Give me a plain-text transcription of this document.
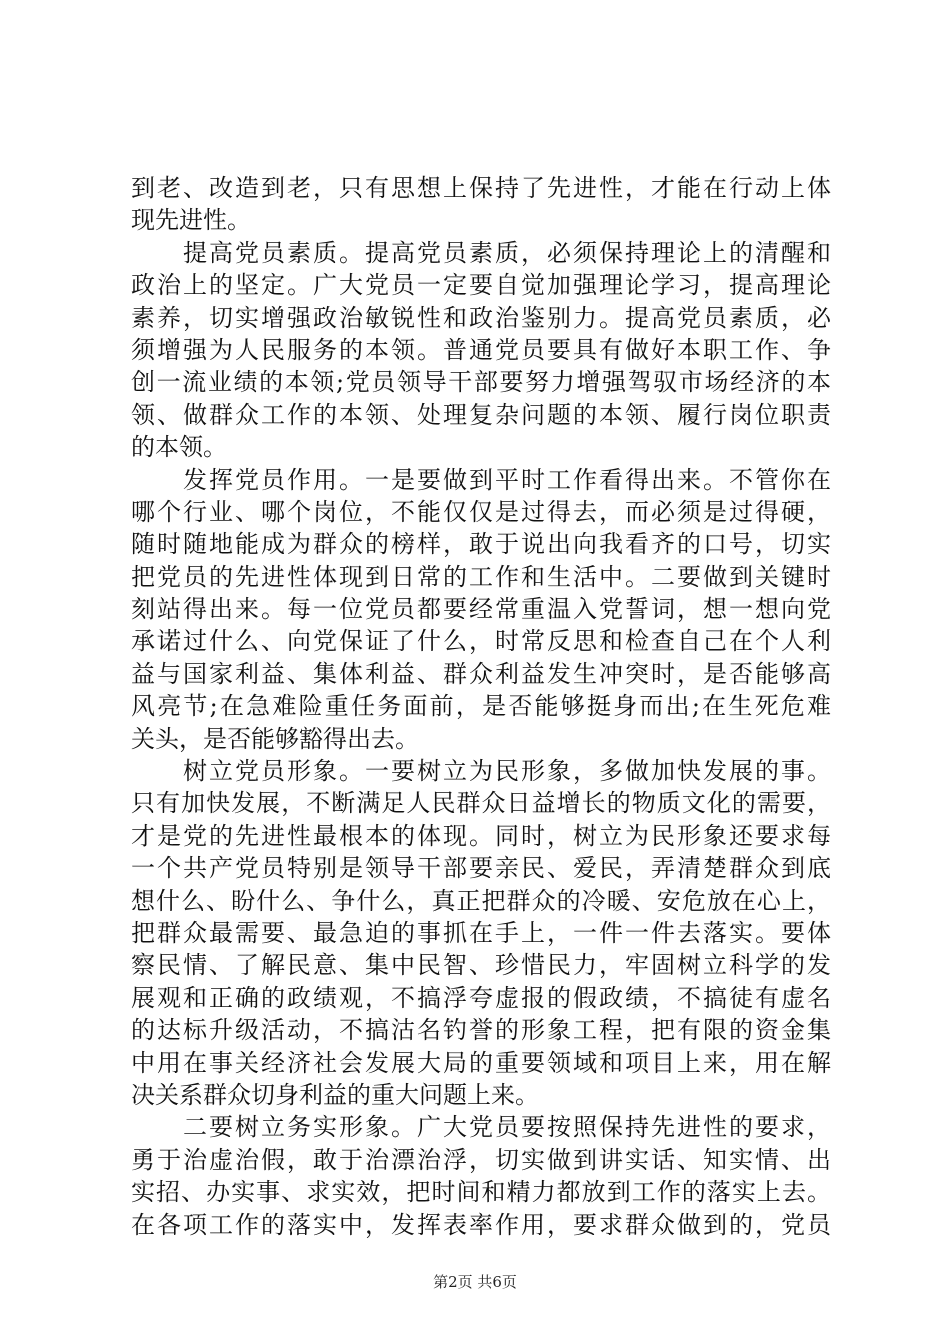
到老、改造到老，只有思想上保持了先进性，才能在行动上体
现先进性。
　　提高党员素质。提高党员素质，必须保持理论上的清醒和
政治上的坚定。广大党员一定要自觉加强理论学习，提高理论
素养，切实增强政治敏锐性和政治鉴别力。提高党员素质，必
须增强为人民服务的本领。普通党员要具有做好本职工作、争
创一流业绩的本领;党员领导干部要努力增强驾驭市场经济的本
领、做群众工作的本领、处理复杂问题的本领、履行岗位职责
的本领。
　　发挥党员作用。一是要做到平时工作看得出来。不管你在
哪个行业、哪个岗位，不能仅仅是过得去，而必须是过得硬，
随时随地能成为群众的榜样，敢于说出向我看齐的口号，切实
把党员的先进性体现到日常的工作和生活中。二要做到关键时
刻站得出来。每一位党员都要经常重温入党誓词，想一想向党
承诺过什么、向党保证了什么，时常反思和检查自己在个人利
益与国家利益、集体利益、群众利益发生冲突时，是否能够高
风亮节;在急难险重任务面前，是否能够挺身而出;在生死危难
关头，是否能够豁得出去。
　　树立党员形象。一要树立为民形象，多做加快发展的事。
只有加快发展，不断满足人民群众日益增长的物质文化的需要，
才是党的先进性最根本的体现。同时，树立为民形象还要求每
一个共产党员特别是领导干部要亲民、爱民，弄清楚群众到底
想什么、盼什么、争什么，真正把群众的冷暖、安危放在心上，
把群众最需要、最急迫的事抓在手上，一件一件去落实。要体
察民情、了解民意、集中民智、珍惜民力，牢固树立科学的发
展观和正确的政绩观，不搞浮夸虚报的假政绩，不搞徒有虚名
的达标升级活动，不搞沽名钓誉的形象工程，把有限的资金集
中用在事关经济社会发展大局的重要领域和项目上来，用在解
决关系群众切身利益的重大问题上来。
　　二要树立务实形象。广大党员要按照保持先进性的要求，
勇于治虚治假，敢于治漂治浮，切实做到讲实话、知实情、出
实招、办实事、求实效，把时间和精力都放到工作的落实上去。
在各项工作的落实中，发挥表率作用，要求群众做到的，党员
第2页 共6页
